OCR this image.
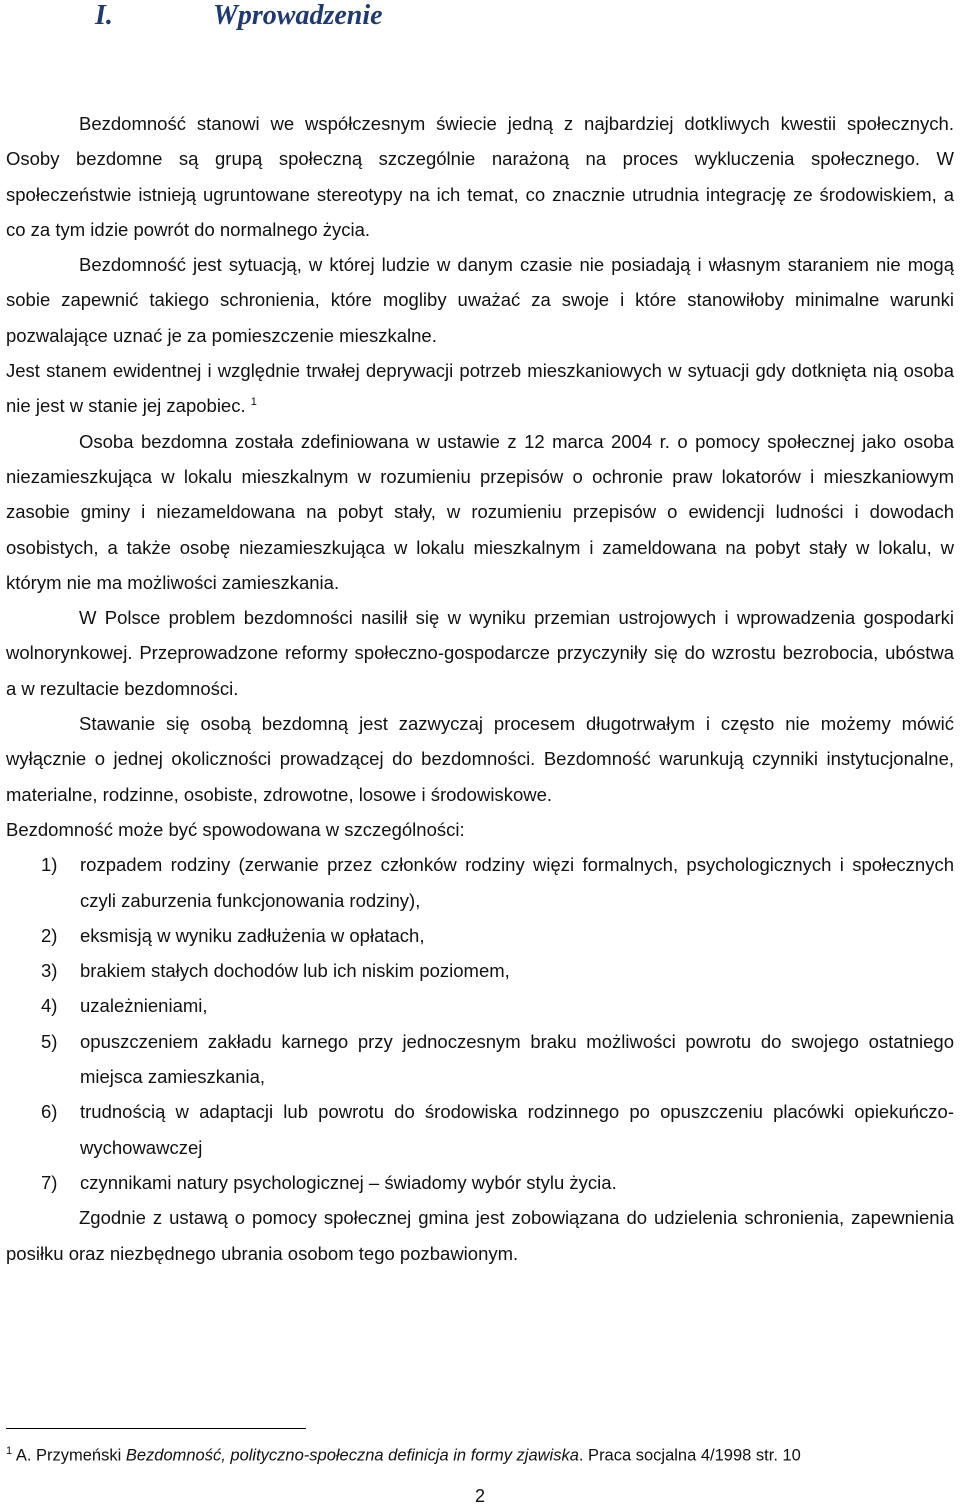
I.	Wprowadzenie

Bezdomność stanowi we współczesnym świecie jedną z najbardziej dotkliwych kwestii społecznych. Osoby bezdomne są grupą społeczną szczególnie narażoną na proces wykluczenia społecznego. W społeczeństwie istnieją ugruntowane stereotypy na ich temat, co znacznie utrudnia integrację ze środowiskiem, a co za tym idzie powrót do normalnego życia.

Bezdomność jest sytuacją, w której ludzie w danym czasie nie posiadają i własnym staraniem nie mogą sobie zapewnić takiego schronienia, które mogliby uważać za swoje i które stanowiłoby minimalne warunki pozwalające uznać je za pomieszczenie mieszkalne.

Jest stanem ewidentnej i względnie trwałej deprywacji potrzeb mieszkaniowych w sytuacji gdy dotknięta nią osoba nie jest w stanie jej zapobiec. $^1$

Osoba bezdomna została zdefiniowana w ustawie z 12 marca 2004 r. o pomocy społecznej jako osoba niezamieszkująca w lokalu mieszkalnym w rozumieniu przepisów o ochronie praw lokatorów i mieszkaniowym zasobie gminy i niezameldowana na pobyt stały, w rozumieniu przepisów o ewidencji ludności i dowodach osobistych, a także osobę niezamieszkująca w lokalu mieszkalnym i zameldowana na pobyt stały w lokalu, w którym nie ma możliwości zamieszkania.

W Polsce problem bezdomności nasilił się w wyniku przemian ustrojowych i wprowadzenia gospodarki wolnorynkowej. Przeprowadzone reformy społeczno-gospodarcze przyczyniły się do wzrostu bezrobocia, ubóstwa a w rezultacie bezdomności.

Stawanie się osobą bezdomną jest zazwyczaj procesem długotrwałym i często nie możemy mówić wyłącznie o jednej okoliczności prowadzącej do bezdomności. Bezdomność warunkują czynniki instytucjonalne, materialne, rodzinne, osobiste, zdrowotne, losowe i środowiskowe.

Bezdomność może być spowodowana w szczególności:

1) rozpadem rodziny (zerwanie przez członków rodziny więzi formalnych, psychologicznych i społecznych czyli zaburzenia funkcjonowania rodziny),
2) eksmisją w wyniku zadłużenia w opłatach,
3) brakiem stałych dochodów lub ich niskim poziomem,
4) uzależnieniami,
5) opuszczeniem zakładu karnego przy jednoczesnym braku możliwości powrotu do swojego ostatniego miejsca zamieszkania,
6) trudnością w adaptacji lub powrotu do środowiska rodzinnego po opuszczeniu placówki opiekuńczo-wychowawczej
7) czynnikami natury psychologicznej – świadomy wybór stylu życia.

Zgodnie z ustawą o pomocy społecznej gmina jest zobowiązana do udzielenia schronienia, zapewnienia posiłku oraz niezbędnego ubrania osobom tego pozbawionym.

$^1$ A. Przymeński Bezdomność, polityczno-społeczna definicja in formy zjawiska. Praca socjalna 4/1998 str. 10
2
